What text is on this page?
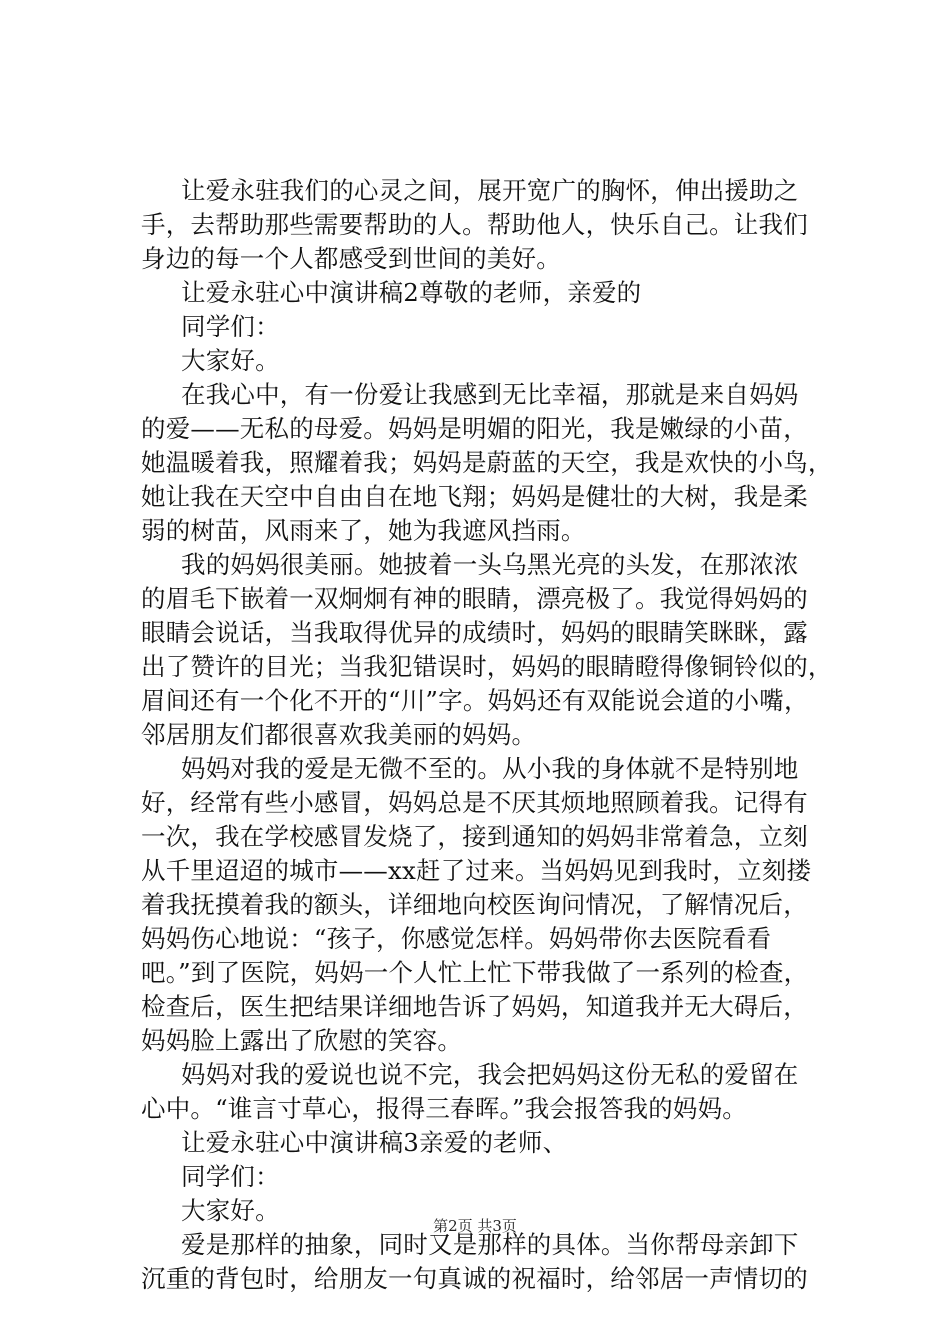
让爱永驻我们的心灵之间，展开宽广的胸怀，伸出援助之
手，去帮助那些需要帮助的人。帮助他人，快乐自己。让我们
身边的每一个人都感受到世间的美好。
让爱永驻心中演讲稿2尊敬的老师，亲爱的
同学们：
大家好。
在我心中，有一份爱让我感到无比幸福，那就是来自妈妈
的爱——无私的母爱。妈妈是明媚的阳光，我是嫩绿的小苗，
她温暖着我，照耀着我；妈妈是蔚蓝的天空，我是欢快的小鸟，
她让我在天空中自由自在地飞翔；妈妈是健壮的大树，我是柔
弱的树苗，风雨来了，她为我遮风挡雨。
我的妈妈很美丽。她披着一头乌黑光亮的头发，在那浓浓
的眉毛下嵌着一双炯炯有神的眼睛，漂亮极了。我觉得妈妈的
眼睛会说话，当我取得优异的成绩时，妈妈的眼睛笑眯眯，露
出了赞许的目光；当我犯错误时，妈妈的眼睛瞪得像铜铃似的，
眉间还有一个化不开的“川”字。妈妈还有双能说会道的小嘴，
邻居朋友们都很喜欢我美丽的妈妈。
妈妈对我的爱是无微不至的。从小我的身体就不是特别地
好，经常有些小感冒，妈妈总是不厌其烦地照顾着我。记得有
一次，我在学校感冒发烧了，接到通知的妈妈非常着急，立刻
从千里迢迢的城市——xx赶了过来。当妈妈见到我时，立刻搂
着我抚摸着我的额头，详细地向校医询问情况，了解情况后，
妈妈伤心地说：“孩子，你感觉怎样。妈妈带你去医院看看
吧。”到了医院，妈妈一个人忙上忙下带我做了一系列的检查，
检查后，医生把结果详细地告诉了妈妈，知道我并无大碍后，
妈妈脸上露出了欣慰的笑容。
妈妈对我的爱说也说不完，我会把妈妈这份无私的爱留在
心中。“谁言寸草心，报得三春晖。”我会报答我的妈妈。
让爱永驻心中演讲稿3亲爱的老师、
同学们：
大家好。
爱是那样的抽象，同时又是那样的具体。当你帮母亲卸下
沉重的背包时，给朋友一句真诚的祝福时，给邻居一声情切的
第2页 共3页
